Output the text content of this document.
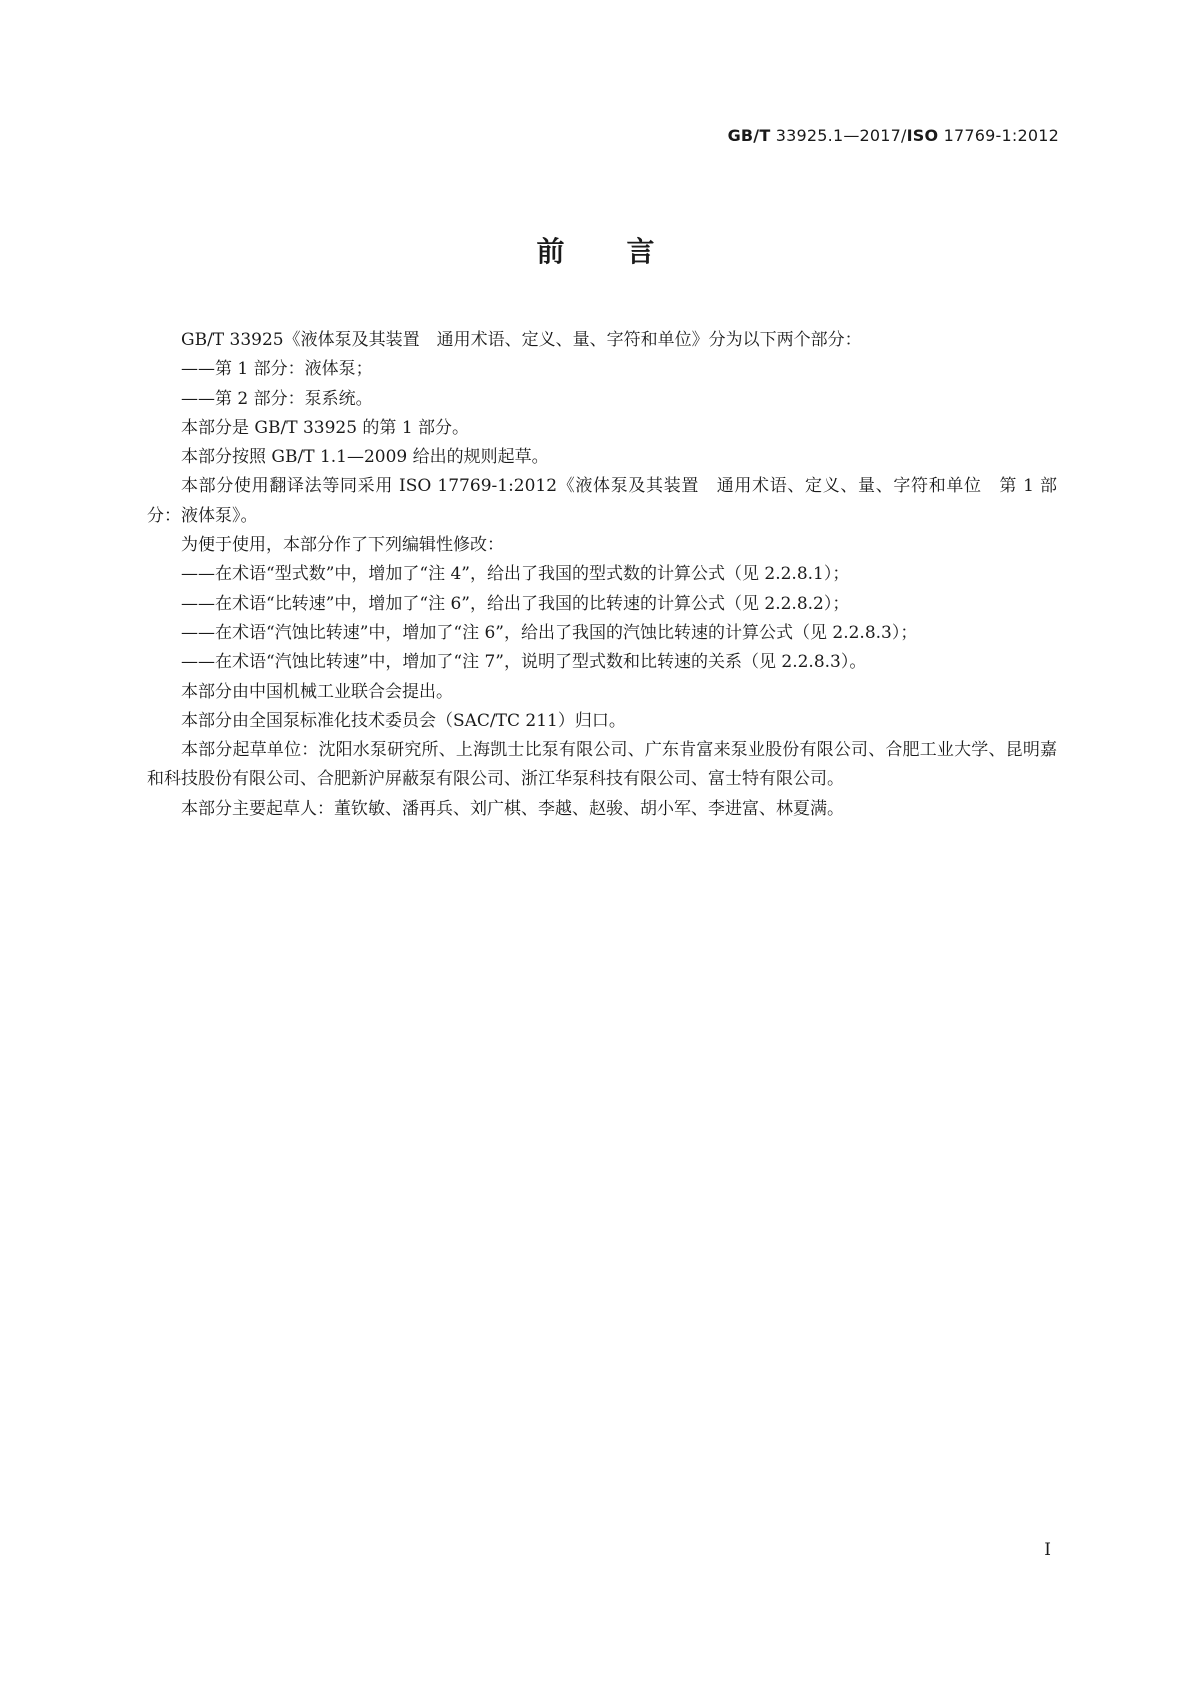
GB/T 33925.1—2017/ISO 17769-1:2012
前言

GB/T 33925《液体泵及其装置　通用术语、定义、量、字符和单位》分为以下两个部分：

——第 1 部分：液体泵；

——第 2 部分：泵系统。

本部分是 GB/T 33925 的第 1 部分。

本部分按照 GB/T 1.1—2009 给出的规则起草。

本部分使用翻译法等同采用 ISO 17769-1:2012《液体泵及其装置　通用术语、定义、量、字符和单位　第 1 部分：液体泵》。

为便于使用，本部分作了下列编辑性修改：

——在术语“型式数”中，增加了“注 4”，给出了我国的型式数的计算公式（见 2.2.8.1）；

——在术语“比转速”中，增加了“注 6”，给出了我国的比转速的计算公式（见 2.2.8.2）；

——在术语“汽蚀比转速”中，增加了“注 6”，给出了我国的汽蚀比转速的计算公式（见 2.2.8.3）；

——在术语“汽蚀比转速”中，增加了“注 7”，说明了型式数和比转速的关系（见 2.2.8.3）。

本部分由中国机械工业联合会提出。

本部分由全国泵标准化技术委员会（SAC/TC 211）归口。

本部分起草单位：沈阳水泵研究所、上海凯士比泵有限公司、广东肯富来泵业股份有限公司、合肥工业大学、昆明嘉和科技股份有限公司、合肥新沪屏蔽泵有限公司、浙江华泵科技有限公司、富士特有限公司。

本部分主要起草人：董钦敏、潘再兵、刘广棋、李越、赵骏、胡小军、李进富、林夏满。

I
